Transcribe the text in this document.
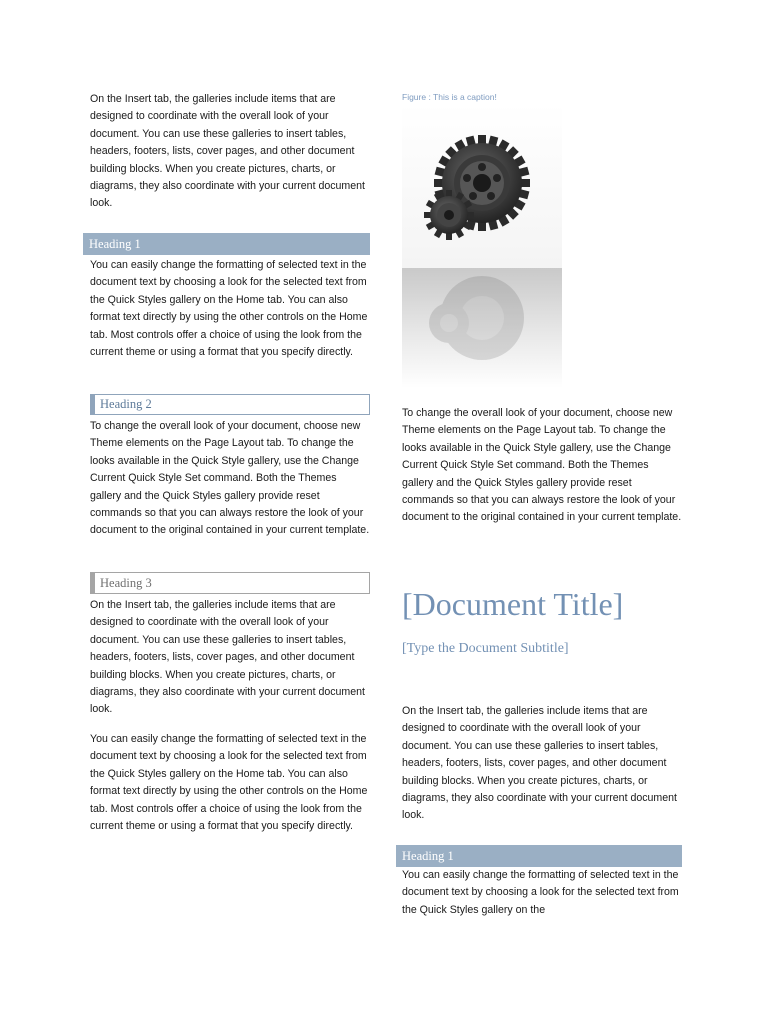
On the Insert tab, the galleries include items that are designed to coordinate with the overall look of your document. You can use these galleries to insert tables, headers, footers, lists, cover pages, and other document building blocks. When you create pictures, charts, or diagrams, they also coordinate with your current document look.

Heading 1

You can easily change the formatting of selected text in the document text by choosing a look for the selected text from the Quick Styles gallery on the Home tab. You can also format text directly by using the other controls on the Home tab. Most controls offer a choice of using the look from the current theme or using a format that you specify directly.

Heading 2

To change the overall look of your document, choose new Theme elements on the Page Layout tab. To change the looks available in the Quick Style gallery, use the Change Current Quick Style Set command. Both the Themes gallery and the Quick Styles gallery provide reset commands so that you can always restore the look of your document to the original contained in your current template.

Heading 3

On the Insert tab, the galleries include items that are designed to coordinate with the overall look of your document. You can use these galleries to insert tables, headers, footers, lists, cover pages, and other document building blocks. When you create pictures, charts, or diagrams, they also coordinate with your current document look.

You can easily change the formatting of selected text in the document text by choosing a look for the selected text from the Quick Styles gallery on the Home tab. You can also format text directly by using the other controls on the Home tab. Most controls offer a choice of using the look from the current theme or using a format that you specify directly.

Figure : This is a caption!

To change the overall look of your document, choose new Theme elements on the Page Layout tab. To change the looks available in the Quick Style gallery, use the Change Current Quick Style Set command. Both the Themes gallery and the Quick Styles gallery provide reset commands so that you can always restore the look of your document to the original contained in your current template.

[Document Title]
[Type the Document Subtitle]

On the Insert tab, the galleries include items that are designed to coordinate with the overall look of your document. You can use these galleries to insert tables, headers, footers, lists, cover pages, and other document building blocks. When you create pictures, charts, or diagrams, they also coordinate with your current document look.

Heading 1

You can easily change the formatting of selected text in the document text by choosing a look for the selected text from the Quick Styles gallery on the
